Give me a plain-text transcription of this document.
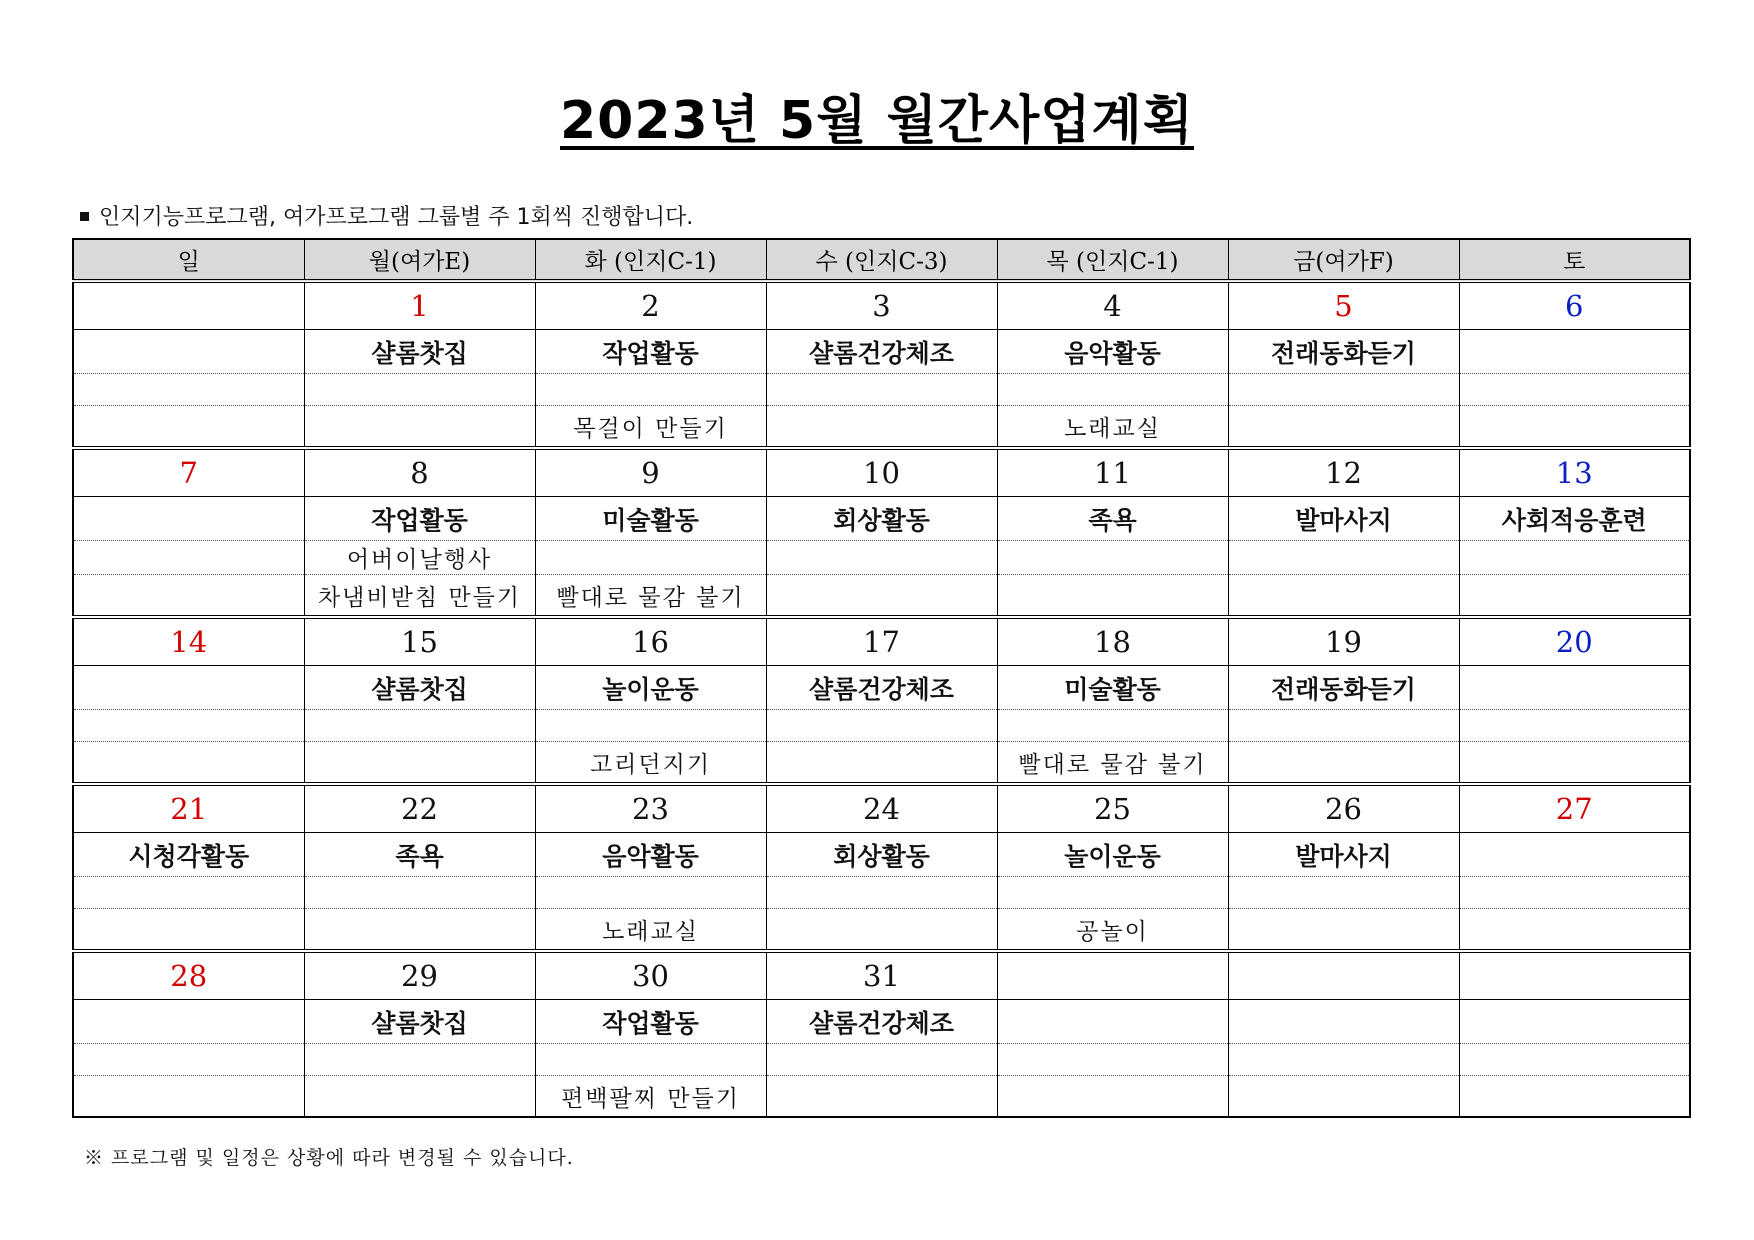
2023년 5월 월간사업계획
인지기능프로그램, 여가프로그램 그룹별 주 1회씩 진행합니다.
일	월(여가E)	화 (인지C-1)	수 (인지C-3)	목 (인지C-1)	금(여가F)	토
	1	2	3	4	5	6
	샬롬찻집	작업활동	샬롬건강체조	음악활동	전래동화듣기	

		목걸이 만들기		노래교실		
7	8	9	10	11	12	13
	작업활동	미술활동	회상활동	족욕	발마사지	사회적응훈련
	어버이날행사					
	차냄비받침 만들기	빨대로 물감 불기				
14	15	16	17	18	19	20
	샬롬찻집	놀이운동	샬롬건강체조	미술활동	전래동화듣기	

		고리던지기		빨대로 물감 불기		
21	22	23	24	25	26	27
시청각활동	족욕	음악활동	회상활동	놀이운동	발마사지	

		노래교실		공놀이		
28	29	30	31			
	샬롬찻집	작업활동	샬롬건강체조			

		편백팔찌 만들기				
※ 프로그램 및 일정은 상황에 따라 변경될 수 있습니다.
